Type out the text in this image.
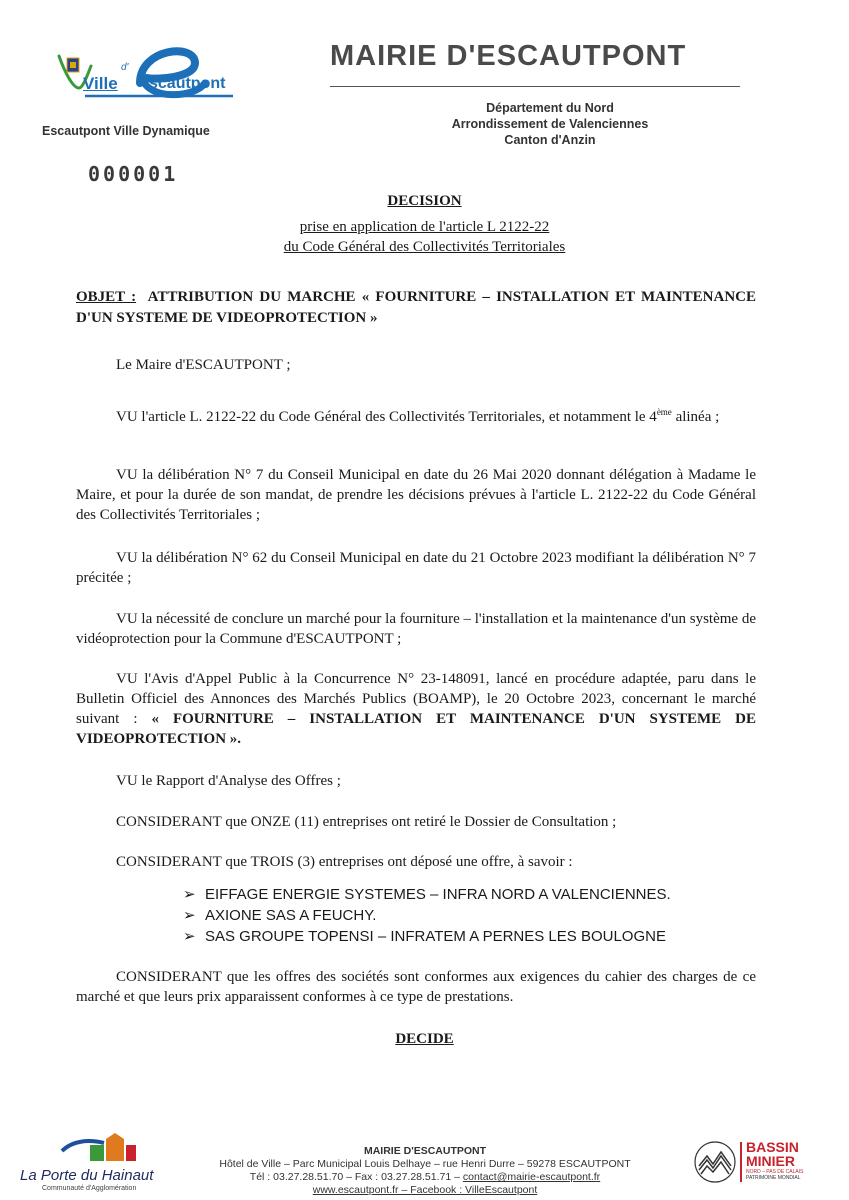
Ville
d'
scautpont
Escautpont Ville Dynamique
000001
MAIRIE D'ESCAUTPONT
Département du Nord
Arrondissement de Valenciennes
Canton d'Anzin
DECISION
prise en application de l'article L 2122-22
du Code Général des Collectivités Territoriales
OBJET : ATTRIBUTION DU MARCHE « FOURNITURE – INSTALLATION ET MAINTENANCE D'UN SYSTEME DE VIDEOPROTECTION »
Le Maire d'ESCAUTPONT ;
VU l'article L. 2122-22 du Code Général des Collectivités Territoriales, et notamment le 4ème alinéa ;
VU la délibération N° 7 du Conseil Municipal en date du 26 Mai 2020 donnant délégation à Madame le Maire, et pour la durée de son mandat, de prendre les décisions prévues à l'article L. 2122-22 du Code Général des Collectivités Territoriales ;
VU la délibération N° 62 du Conseil Municipal en date du 21 Octobre 2023 modifiant la délibération N° 7 précitée ;
VU la nécessité de conclure un marché pour la fourniture – l'installation et la maintenance d'un système de vidéoprotection pour la Commune d'ESCAUTPONT ;
VU l'Avis d'Appel Public à la Concurrence N° 23-148091, lancé en procédure adaptée, paru dans le Bulletin Officiel des Annonces des Marchés Publics (BOAMP), le 20 Octobre 2023, concernant le marché suivant : « FOURNITURE – INSTALLATION ET MAINTENANCE D'UN SYSTEME DE VIDEOPROTECTION ».
VU le Rapport d'Analyse des Offres ;
CONSIDERANT que ONZE (11) entreprises ont retiré le Dossier de Consultation ;
CONSIDERANT que TROIS (3) entreprises ont déposé une offre, à savoir :
➢ EIFFAGE ENERGIE SYSTEMES – INFRA NORD A VALENCIENNES.
➢ AXIONE SAS A FEUCHY.
➢ SAS GROUPE TOPENSI – INFRATEM A PERNES LES BOULOGNE
CONSIDERANT que les offres des sociétés sont conformes aux exigences du cahier des charges de ce marché et que leurs prix apparaissent conformes à ce type de prestations.
DECIDE
La Porte du Hainaut
Communauté d'Agglomération
MAIRIE D'ESCAUTPONT
Hôtel de Ville – Parc Municipal Louis Delhaye – rue Henri Durre – 59278 ESCAUTPONT
Tél : 03.27.28.51.70 – Fax : 03.27.28.51.71 – contact@mairie-escautpont.fr
www.escautpont.fr – Facebook : VilleEscautpont
BASSIN
MINIER
NORD – PAS DE CALAIS
PATRIMOINE MONDIAL
